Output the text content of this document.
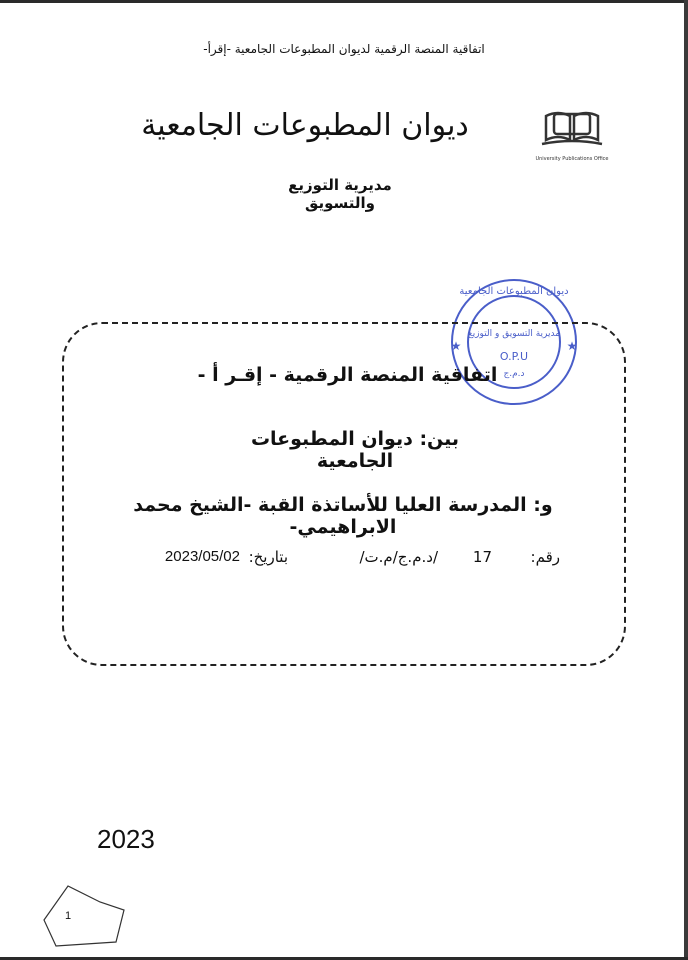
اتفاقية المنصة الرقمية لديوان المطبوعات الجامعية -إقرأ-
ديوان المطبوعات الجامعية
مديرية التوزيع والتسويق
University Publications Office
ديوان المطبوعات الجامعية
مديرية التسويق و التوزيع
O.P.U
د.م.ج
★	★
اتفاقية المنصة الرقمية - إقـر أ -
بين: ديوان المطبوعات الجامعية
و: المدرسة العليا للأساتذة القبة -الشيخ محمد الابراهيمي-
رقم:
17
/د.م.ج/م.ت/
بتاريخ:
2023/05/02
2023
1
